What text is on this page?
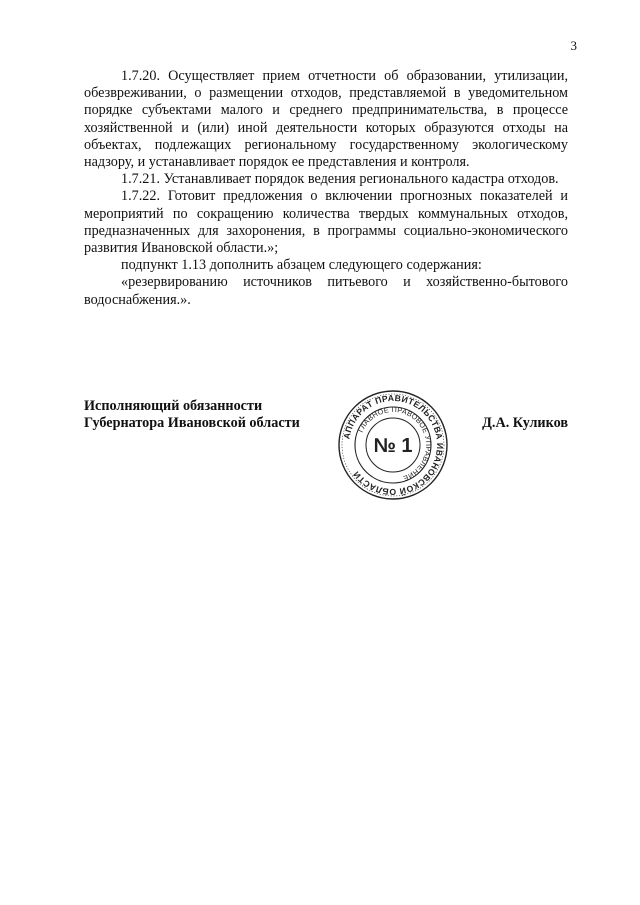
3

1.7.20. Осуществляет прием отчетности об образовании, утилизации, обезвреживании, о размещении отходов, представляемой в уведомительном порядке субъектами малого и среднего предпринимательства, в процессе хозяйственной и (или) иной деятельности которых образуются отходы на объектах, подлежащих региональному государственному экологическому надзору, и устанавливает порядок ее представления и контроля.

1.7.21. Устанавливает порядок ведения регионального кадастра отходов.

1.7.22. Готовит предложения о включении прогнозных показателей и мероприятий по сокращению количества твердых коммунальных отходов, предназначенных для захоронения, в программы социально-экономического развития Ивановской области.»;

подпункт 1.13 дополнить абзацем следующего содержания:

«резервированию источников питьевого и хозяйственно-бытового водоснабжения.».

Исполняющий обязанности
Губернатора Ивановской области
АППАРАТ ПРАВИТЕЛЬСТВА ИВАНОВСКОЙ ОБЛАСТИ
ГЛАВНОЕ ПРАВОВОЕ УПРАВЛЕНИЕ
№ 1
Д.А. Куликов
